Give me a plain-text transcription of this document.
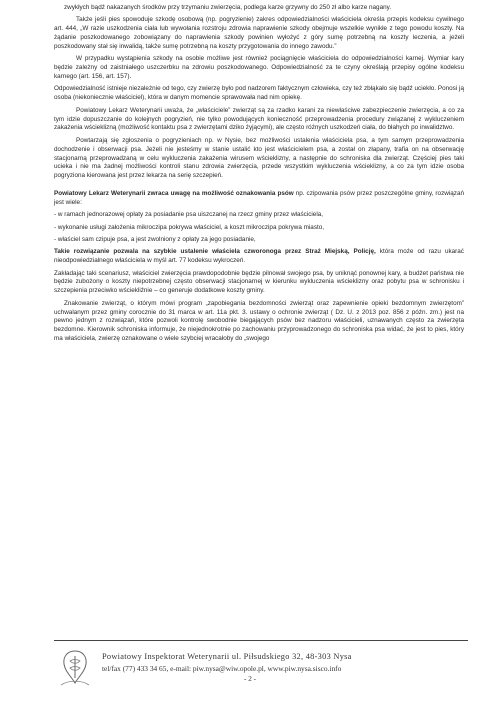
zwykłych bądź nakazanych środków przy trzymaniu zwierzęcia, podlega karze grzywny do 250 zł albo karze nagany.

Także jeśli pies spowoduje szkodę osobową (np. pogryzienie) zakres odpowiedzialności właściciela określa przepis kodeksu cywilnego art. 444, „W razie uszkodzenia ciała lub wywołania rozstroju zdrowia naprawienie szkody obejmuje wszelkie wynikłe z tego powodu koszty. Na żądanie poszkodowanego zobowiązany do naprawienia szkody powinien wyłożyć z góry sumę potrzebną na koszty leczenia, a jeżeli poszkodowany stał się inwalidą, także sumę potrzebną na koszty przygotowania do innego zawodu.”

W przypadku wystąpienia szkody na osobie możliwe jest również pociągnięcie właściciela do odpowiedzialności karnej. Wymiar kary będzie zależny od zaistniałego uszczerbku na zdrowiu poszkodowanego. Odpowiedzialność za te czyny określają przepisy ogólne kodeksu karnego (art. 156, art. 157).

Odpowiedzialność istnieje niezależnie od tego, czy zwierzę było pod nadzorem faktycznym człowieka, czy też zbłąkało się bądź uciekło. Ponosi ją osoba (niekoniecznie właściciel), która w danym momencie sprawowała nad nim opiekę.

Powiatowy Lekarz Weterynarii uważa, że „właściciele” zwierząt są za rzadko karani za niewłaściwe zabezpieczenie zwierzęcia, a co za tym idzie dopuszczanie do kolejnych pogryzień, nie tylko powodujących konieczność przeprowadzenia procedury związanej z wykluczeniem zakażenia wścieklizną (możliwość kontaktu psa z zwierzętami dziko żyjącymi), ale często różnych uszkodzeń ciała, do błahych po inwalidztwo.

Powtarzają się zgłoszenia o pogryzieniach np. w Nysie, bez możliwości ustalenia właściciela psa, a tym samym przeprowadzenia dochodzenie i obserwacji psa. Jeżeli nie jesteśmy w stanie ustalić kto jest właścicielem psa, a został on złapany, trafia on na obserwację stacjonarną przeprowadzaną w celu wykluczenia zakażenia wirusem wścieklizny, a następnie do schroniska dla zwierząt. Częściej pies taki ucieka i nie ma żadnej możliwości kontroli stanu zdrowia zwierzęcia, przede wszystkim wykluczenia wścieklizny, a co za tym idzie osoba pogryziona kierowana jest przez lekarza na serię szczepień.

Powiatowy Lekarz Weterynarii zwraca uwagę na możliwość oznakowania psów np. czipowania psów przez poszczególne gminy, rozwiązań jest wiele:

- w ramach jednorazowej opłaty za posiadanie psa uiszczanej na rzecz gminy przez właściciela,

- wykonanie usługi założenia mikroczipa pokrywa właściciel, a koszt mikroczipa pokrywa miasto,

- właściel sam czipuje psa, a jest zwolniony z opłaty za jego posiadanie,

Takie rozwiązanie pozwala na szybkie ustalenie właściela czworonoga przez Straż Miejską, Policję, która może od razu ukarać nieodpowiedzialnego właściciela w myśl art. 77 kodeksu wykroczeń.

Zakładając taki scenariusz, właściciel zwierzęcia prawdopodobnie będzie pilnował swojego psa, by uniknąć ponownej kary, a budżet państwa nie będzie zubożony o koszty niepotrzebnej często obserwacji stacjonarnej w kierunku wykluczenia wścieklizny oraz pobytu psa w schronisku i szczepienia przeciwko wściekliźnie – co generuje dodatkowe koszty gminy.

Znakowanie zwierząt, o którym mówi program „zapobiegania bezdomności zwierząt oraz zapewnienie opieki bezdomnym zwierzętom” uchwalanym przez gminy corocznie do 31 marca w art. 11a pkt. 3. ustawy o ochronie zwierząt ( Dz. U. z 2013 poz. 856 z późn. zm.) jest na pewno jednym z rozwiązań, które pozwoli kontrolę swobodnie biegających psów bez nadzoru właścicieli, uznawanych często za zwierzęta bezdomne. Kierownik schroniska informuje, że niejednokrotnie po zachowaniu przyprowadzonego do schroniska psa widać, że jest to pies, który ma właściciela, zwierzę oznakowane o wiele szybciej wracałoby do „swojego

Powiatowy Inspektorat Weterynarii ul. Piłsudskiego 32, 48-303 Nysa
tel/fax (77) 433 34 65, e-mail: piw.nysa@wiw.opole.pl, www.piw.nysa.sisco.info
- 2 -
